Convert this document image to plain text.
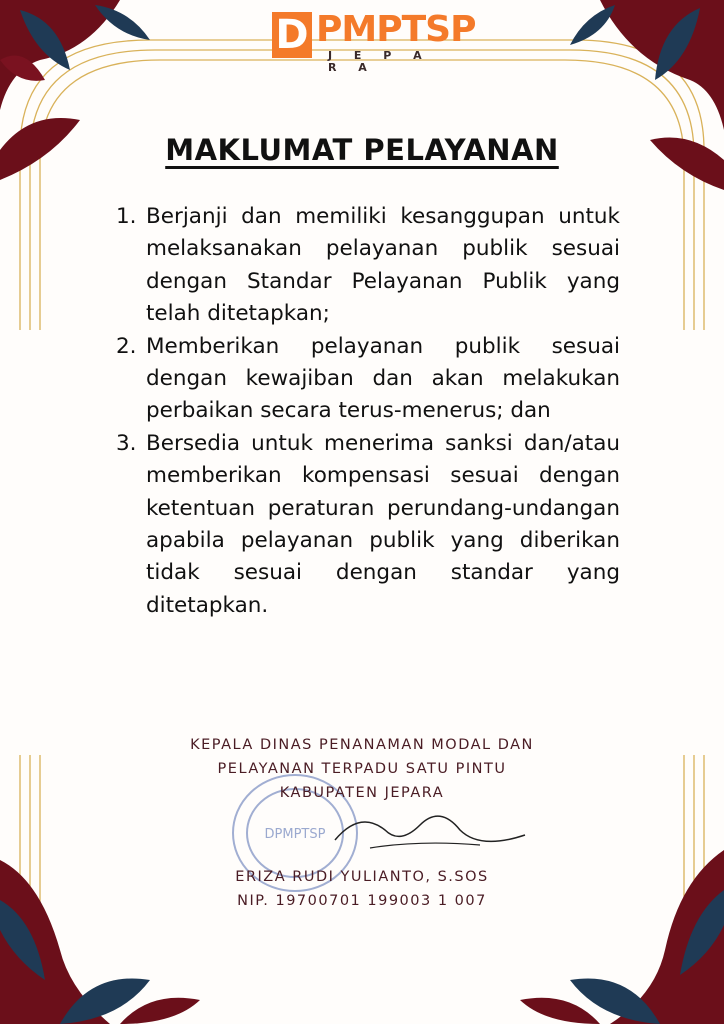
D PMPTSP
J E P A R A
MAKLUMAT PELAYANAN
1. Berjanji dan memiliki kesanggupan untuk melaksanakan pelayanan publik sesuai dengan Standar Pelayanan Publik yang telah ditetapkan;
2. Memberikan pelayanan publik sesuai dengan kewajiban dan akan melakukan perbaikan secara terus-menerus; dan
3. Bersedia untuk menerima sanksi dan/atau memberikan kompensasi sesuai dengan ketentuan peraturan perundang-undangan apabila pelayanan publik yang diberikan tidak sesuai dengan standar yang ditetapkan.
DPMPTSP
KEPALA DINAS PENANAMAN MODAL DAN
PELAYANAN TERPADU SATU PINTU
KABUPATEN JEPARA
ERIZA RUDI YULIANTO, S.SOS
NIP. 19700701 199003 1 007
